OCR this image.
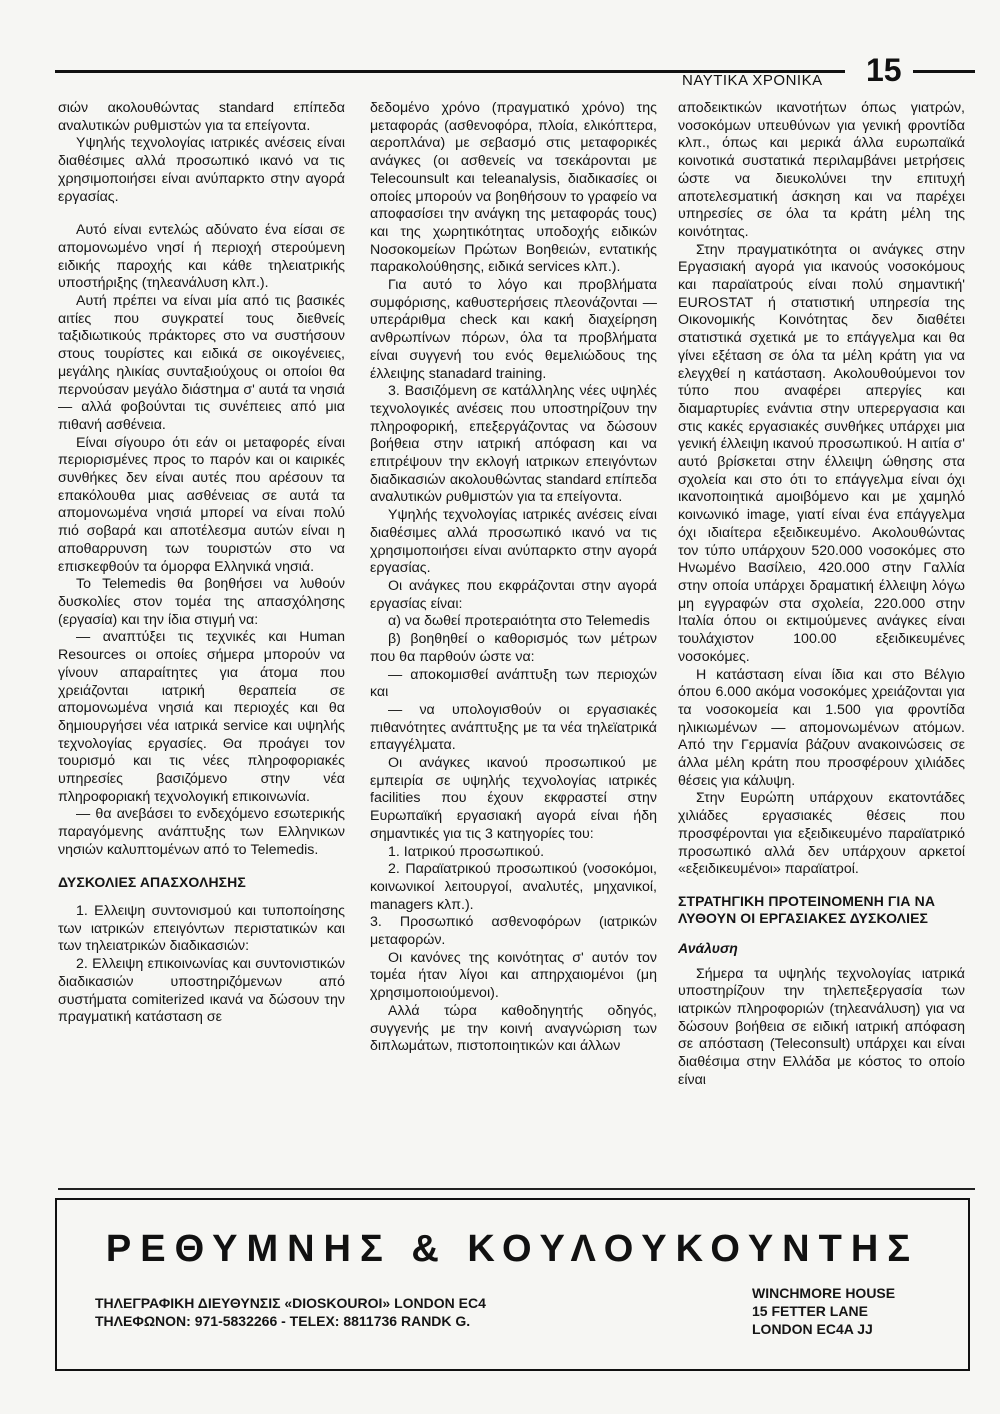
ΝΑΥΤΙΚΑ ΧΡΟΝΙΚΑ 15

σιών ακολουθώντας standard επίπεδα αναλυτικών ρυθμιστών για τα επείγοντα.

Υψηλής τεχνολογίας ιατρικές ανέσεις είναι διαθέσιμες αλλά προσωπικό ικανό να τις χρησιμοποιήσει είναι ανύπαρκτο στην αγορά εργασίας.

Αυτό είναι εντελώς αδύνατο ένα είσαι σε απομονωμένο νησί ή περιοχή στερούμενη ειδικής παροχής και κάθε τηλειατρικής υποστήριξης (τηλεανάλυση κλπ.).

Αυτή πρέπει να είναι μία από τις βασικές αιτίες που συγκρατεί τους διεθνείς ταξιδιωτικούς πράκτορες στο να συστήσουν στους τουρίστες και ειδικά σε οικογένειες, μεγάλης ηλικίας συνταξιούχους οι οποίοι θα περνούσαν μεγάλο διάστημα σ' αυτά τα νησιά — αλλά φοβούνται τις συνέπειες από μια πιθανή ασθένεια.

Είναι σίγουρο ότι εάν οι μεταφορές είναι περιορισμένες προς το παρόν και οι καιρικές συνθήκες δεν είναι αυτές που αρέσουν τα επακόλουθα μιας ασθένειας σε αυτά τα απομονωμένα νησιά μπορεί να είναι πολύ πιό σοβαρά και αποτέλεσμα αυτών είναι η αποθαρρυνση των τουριστών στο να επισκεφθούν τα όμορφα Ελληνικά νησιά.

Το Telemedis θα βοηθήσει να λυθούν δυσκολίες στον τομέα της απασχόλησης (εργασία) και την ίδια στιγμή να:

— αναπτύξει τις τεχνικές και Human Resources οι οποίες σήμερα μπορούν να γίνουν απαραίτητες για άτομα που χρειάζονται ιατρική θεραπεία σε απομονωμένα νησιά και περιοχές και θα δημιουργήσει νέα ιατρικά service και υψηλής τεχνολογίας εργασίες. Θα προάγει τον τουρισμό και τις νέες πληροφοριακές υπηρεσίες βασιζόμενο στην νέα πληροφοριακή τεχνολογική επικοινωνία.

— θα ανεβάσει το ενδεχόμενο εσωτερικής παραγόμενης ανάπτυξης των Ελληνικων νησιών καλυπτομένων από το Telemedis.

ΔΥΣΚΟΛΙΕΣ ΑΠΑΣΧΟΛΗΣΗΣ

1. Ελλειψη συντονισμού και τυποποίησης των ιατρικών επειγόντων περιστατικών και των τηλειατρικών διαδικασιών:

2. Ελλειψη επικοινωνίας και συντονιστικών διαδικασιών υποστηριζόμενων από συστήματα comiterized ικανά να δώσουν την πραγματική κατάσταση σε

δεδομένο χρόνο (πραγματικό χρόνο) της μεταφοράς (ασθενοφόρα, πλοία, ελικόπτερα, αεροπλάνα) με σεβασμό στις μεταφορικές ανάγκες (οι ασθενείς να τσεκάρονται με Telecounsult και teleanalysis, διαδικασίες οι οποίες μπορούν να βοηθήσουν το γραφείο να αποφασίσει την ανάγκη της μεταφοράς τους) και της χωρητικότητας υποδοχής ειδικών Νοσοκομείων Πρώτων Βοηθειών, εντατικής παρακολούθησης, ειδικά services κλπ.).

Για αυτό το λόγο και προβλήματα συμφόρισης, καθυστερήσεις πλεονάζονται — υπεράριθμα check και κακή διαχείρηση ανθρωπίνων πόρων, όλα τα προβλήματα είναι συγγενή του ενός θεμελιώδους της έλλειψης stanadard training.

3. Βασιζόμενη σε κατάλληλης νέες υψηλές τεχνολογικές ανέσεις που υποστηρίζουν την πληροφορική, επεξεργάζοντας να δώσουν βοήθεια στην ιατρική απόφαση και να επιτρέψουν την εκλογή ιατρικων επειγόντων διαδικασιών ακολουθώντας standard επίπεδα αναλυτικών ρυθμιστών για τα επείγοντα.

Υψηλής τεχνολογίας ιατρικές ανέσεις είναι διαθέσιμες αλλά προσωπικό ικανό να τις χρησιμοποιήσει είναι ανύπαρκτο στην αγορά εργασίας.

Οι ανάγκες που εκφράζονται στην αγορά εργασίας είναι:

α) να δωθεί προτεραιότητα στο Telemedis

β) βοηθηθεί ο καθορισμός των μέτρων που θα παρθούν ώστε να:

— αποκομισθεί ανάπτυξη των περιοχών και

— να υπολογισθούν οι εργασιακές πιθανότητες ανάπτυξης με τα νέα τηλεϊατρικά επαγγέλματα.

Οι ανάγκες ικανού προσωπικού με εμπειρία σε υψηλής τεχνολογίας ιατρικές facilities που έχουν εκφραστεί στην Ευρωπαϊκή εργασιακή αγορά είναι ήδη σημαντικές για τις 3 κατηγορίες του:

1. Ιατρικού προσωπικού.

2. Παραϊατρικού προσωπικού (νοσοκόμοι, κοινωνικοί λειτουργοί, αναλυτές, μηχανικοί, managers κλπ.).

3. Προσωπικό ασθενοφόρων (ιατρικών μεταφορών.

Οι κανόνες της κοινότητας σ' αυτόν τον τομέα ήταν λίγοι και απηρχαιομένοι (μη χρησιμοποιούμενοι).

Αλλά τώρα καθοδηγητής οδηγός, συγγενής με την κοινή αναγνώριση των διπλωμάτων, πιστοποιητικών και άλλων

αποδεικτικών ικανοτήτων όπως γιατρών, νοσοκόμων υπευθύνων για γενική φροντίδα κλπ., όπως και μερικά άλλα ευρωπαϊκά κοινοτικά συστατικά περιλαμβάνει μετρήσεις ώστε να διευκολύνει την επιτυχή αποτελεσματική άσκηση και να παρέχει υπηρεσίες σε όλα τα κράτη μέλη της κοινότητας.

Στην πραγματικότητα οι ανάγκες στην Εργασιακή αγορά για ικανούς νοσοκόμους και παραϊατρούς είναι πολύ σημαντική' EUROSTAT ή στατιστική υπηρεσία της Οικονομικής Κοινότητας δεν διαθέτει στατιστικά σχετικά με το επάγγελμα και θα γίνει εξέταση σε όλα τα μέλη κράτη για να ελεγχθεί η κατάσταση. Ακολουθούμενοι τον τύπο που αναφέρει απεργίες και διαμαρτυρίες ενάντια στην υπερεργασια και στις κακές εργασιακές συνθήκες υπάρχει μια γενική έλλειψη ικανού προσωπικού. Η αιτία σ' αυτό βρίσκεται στην έλλειψη ώθησης στα σχολεία και στο ότι το επάγγελμα είναι όχι ικανοποιητικά αμοιβόμενο και με χαμηλό κοινωνικό image, γιατί είναι ένα επάγγελμα όχι ιδιαίτερα εξειδικευμένο. Ακολουθώντας τον τύπο υπάρχουν 520.000 νοσοκόμες στο Ηνωμένο Βασίλειο, 420.000 στην Γαλλία στην οποία υπάρχει δραματική έλλειψη λόγω μη εγγραφών στα σχολεία, 220.000 στην Ιταλία όπου οι εκτιμούμενες ανάγκες είναι τουλάχιστον 100.00 εξειδικευμένες νοσοκόμες.

Η κατάσταση είναι ίδια και στο Βέλγιο όπου 6.000 ακόμα νοσοκόμες χρειάζονται για τα νοσοκομεία και 1.500 για φροντίδα ηλικιωμένων — απομονωμένων ατόμων. Από την Γερμανία βάζουν ανακοινώσεις σε άλλα μέλη κράτη που προσφέρουν χιλιάδες θέσεις για κάλυψη.

Στην Ευρώπη υπάρχουν εκατοντάδες χιλιάδες εργασιακές θέσεις που προσφέρονται για εξειδικευμένο παραϊατρικό προσωπικό αλλά δεν υπάρχουν αρκετοί «εξειδικευμένοι» παραϊατροί.

ΣΤΡΑΤΗΓΙΚΗ ΠΡΟΤΕΙΝΟΜΕΝΗ ΓΙΑ ΝΑ ΛΥΘΟΥΝ ΟΙ ΕΡΓΑΣΙΑΚΕΣ ΔΥΣΚΟΛΙΕΣ
Ανάλυση

Σήμερα τα υψηλής τεχνολογίας ιατρικά υποστηρίζουν την τηλεπεξεργασία των ιατρικών πληροφοριών (τηλεανάλυση) για να δώσουν βοήθεια σε ειδική ιατρική απόφαση σε απόσταση (Teleconsult) υπάρχει και είναι διαθέσιμα στην Ελλάδα με κόστος το οποίο είναι

ΡΕΘΥΜΝΗΣ & ΚΟΥΛΟΥΚΟΥΝΤΗΣ
ΤΗΛΕΓΡΑΦΙΚΗ ΔΙΕΥΘΥΝΣΙΣ «DIOSKOUROI» LONDON EC4
ΤΗΛΕΦΩΝΟΝ: 971-5832266 - TELEX: 8811736 RANDK G.
WINCHMORE HOUSE
15 FETTER LANE
LONDON EC4A JJ
